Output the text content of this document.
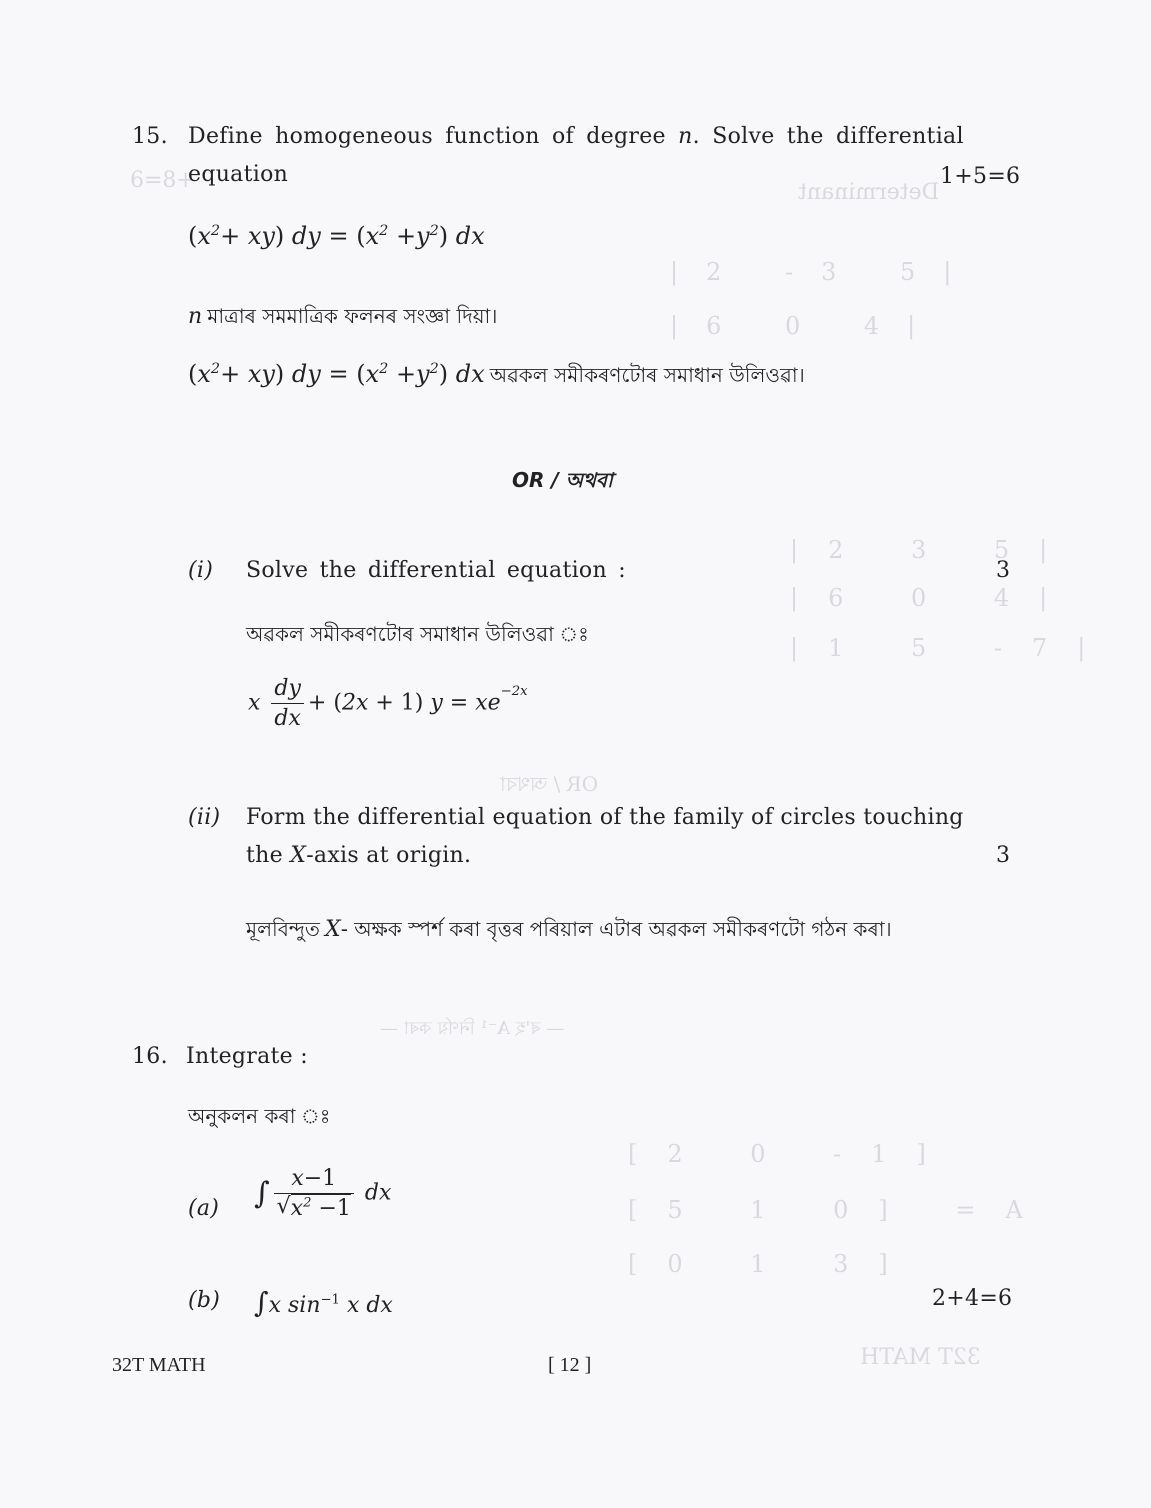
Determinant
6=8+
|2 -3 5|
|6 0 4|
|2 3 5|
|6 0 4|
|1 5 -7|
OR / অথবা
— ৰ'হ A⁻¹ নিৰ্ণয় কৰা —
[2 0 -1]
[5 1 0] =A
[0 1 3]
32T MATH
15. Define homogeneous function of degree n. Solve the differential
equation	1+5=6
$(x^2+ xy)$ dy = $(x^2 +y^2)$ dx
n মাত্ৰাৰ সমমাত্ৰিক ফলনৰ সংজ্ঞা দিয়া।
$(x^2+ xy)$ dy = $(x^2 +y^2)$ dx অৱকল সমীকৰণটোৰ সমাধান উলিওৱা।
OR / অথবা
(i) Solve the differential equation :	3
অৱকল সমীকৰণটোৰ সমাধান উলিওৱা ঃ
x $\frac{dy}{dx} + (2x + 1) y = xe^{-2x}$
(ii) Form the differential equation of the family of circles touching
the X-axis at origin.	3
মূলবিন্দুত X- অক্ষক স্পৰ্শ কৰা বৃত্তৰ পৰিয়াল এটাৰ অৱকল সমীকৰণটো গঠন কৰা।
16. Integrate :
অনুকলন কৰা ঃ
(a) ∫ $\frac{x-1}{√ x^2 -1}$ dx
(b) ∫x $\sin^{-1} x$ dx	2+4=6
32T MATH	[ 12 ]
